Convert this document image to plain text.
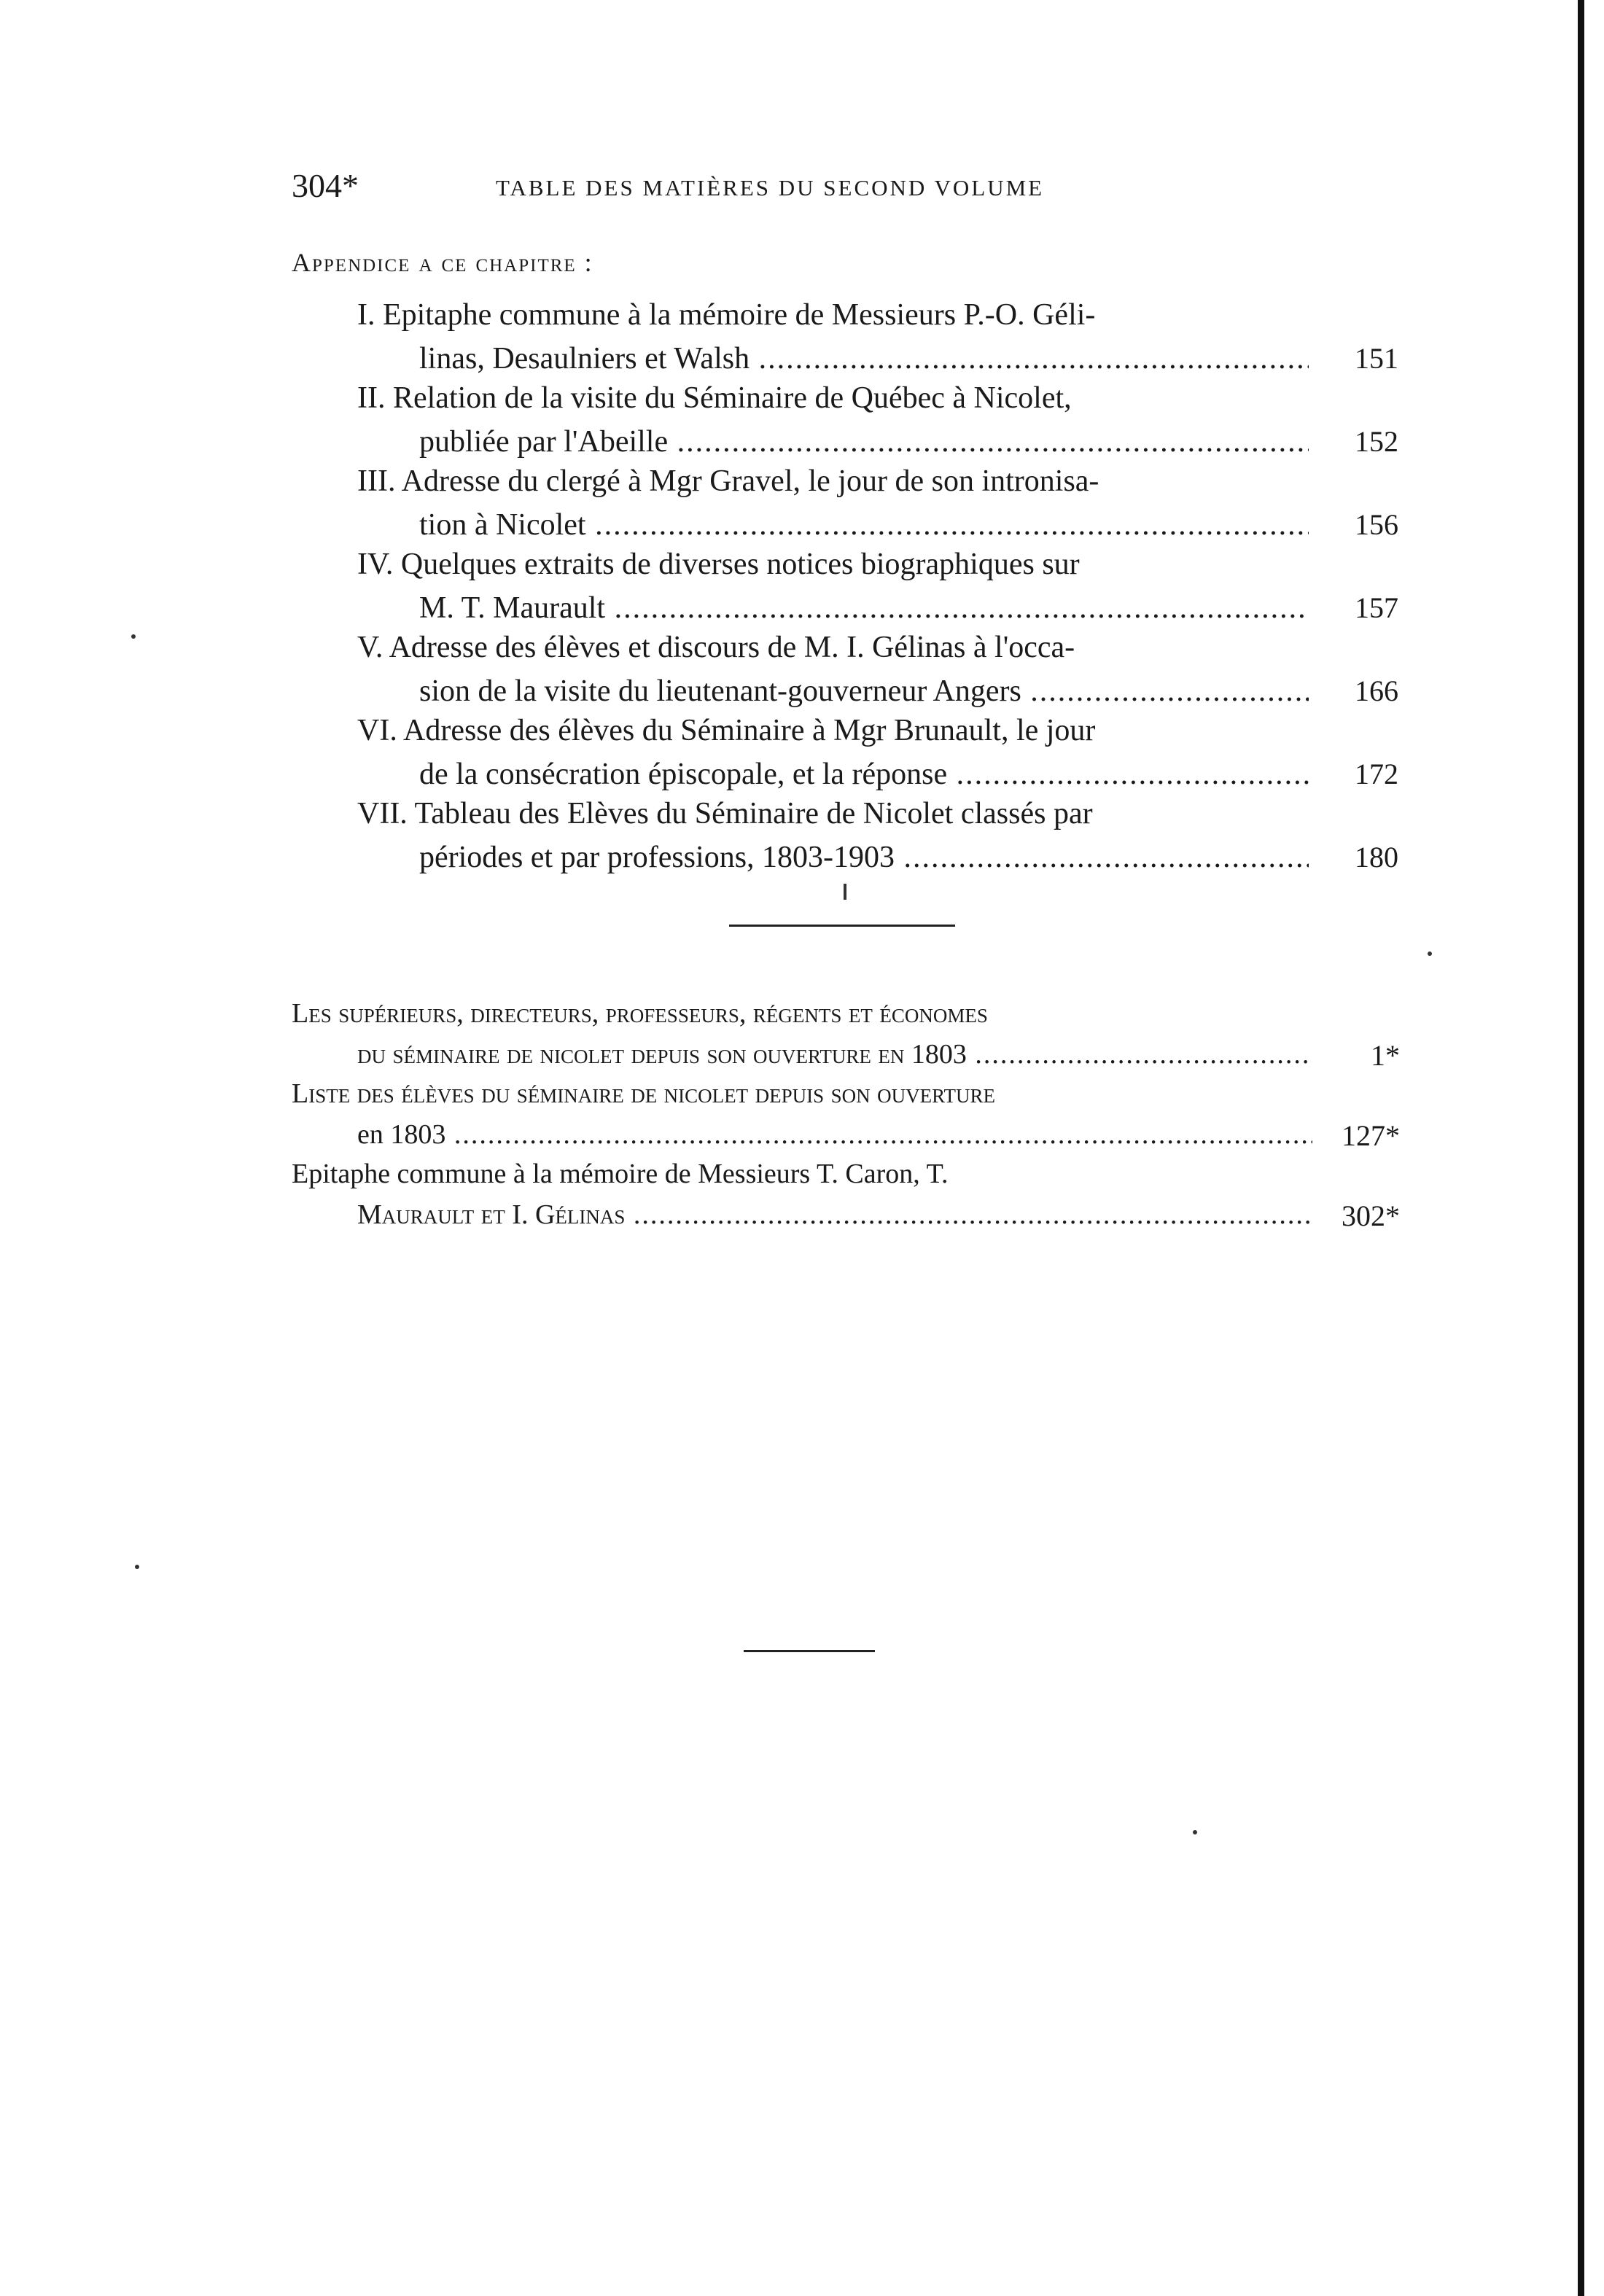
304*	TABLE DES MATIÈRES DU SECOND VOLUME
Appendice a ce chapitre :
I. Epitaphe commune à la mémoire de Messieurs P.-O. Géli-
linas, Desaulniers et Walsh .....	151
II. Relation de la visite du Séminaire de Québec à Nicolet,
publiée par l'Abeille .....	152
III. Adresse du clergé à Mgr Gravel, le jour de son intronisa-
tion à Nicolet .....	156
IV. Quelques extraits de diverses notices biographiques sur
M. T. Maurault .....	157
V. Adresse des élèves et discours de M. I. Gélinas à l'occa-
sion de la visite du lieutenant-gouverneur Angers .....	166
VI. Adresse des élèves du Séminaire à Mgr Brunault, le jour
de la consécration épiscopale, et la réponse .....	172
VII. Tableau des Elèves du Séminaire de Nicolet classés par
périodes et par professions, 1803-1903 .....	180
Les supérieurs, directeurs, professeurs, régents et économes
du séminaire de nicolet depuis son ouverture en 1803 .....	1*
Liste des élèves du séminaire de nicolet depuis son ouverture
en 1803 .....	127*
Epitaphe commune à la mémoire de Messieurs T. Caron, T.
Maurault et I. Gélinas .....	302*
